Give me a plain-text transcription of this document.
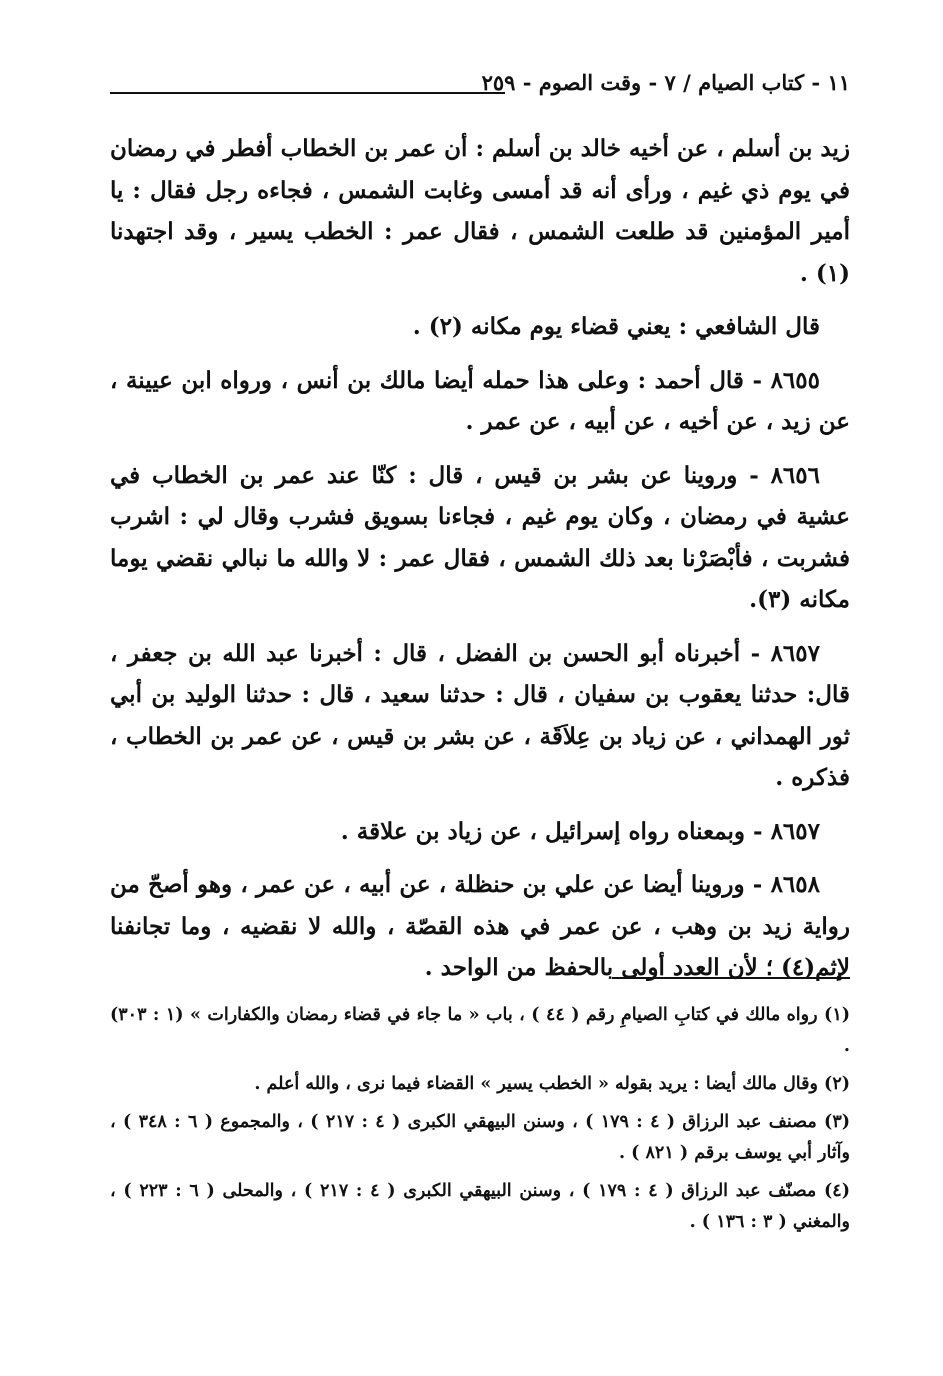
١١ - كتاب الصيام / ٧ - وقت الصوم - ٢٥٩

زيد بن أسلم ، عن أخيه خالد بن أسلم : أن عمر بن الخطاب أفطر في رمضان في يوم ذي غيم ، ورأى أنه قد أمسى وغابت الشمس ، فجاءه رجل فقال : يا أمير المؤمنين قد طلعت الشمس ، فقال عمر : الخطب يسير ، وقد اجتهدنا (١) .

قال الشافعي : يعني قضاء يوم مكانه (٢) .

٨٦٥٥ - قال أحمد : وعلى هذا حمله أيضا مالك بن أنس ، ورواه ابن عيينة ، عن زيد ، عن أخيه ، عن أبيه ، عن عمر .

٨٦٥٦ - وروينا عن بشر بن قيس ، قال : كنّا عند عمر بن الخطاب في عشية في رمضان ، وكان يوم غيم ، فجاءنا بسويق فشرب وقال لي : اشرب فشربت ، فأبْصَرْنا بعد ذلك الشمس ، فقال عمر : لا والله ما نبالي نقضي يوما مكانه (٣).

٨٦٥٧ - أخبرناه أبو الحسن بن الفضل ، قال : أخبرنا عبد الله بن جعفر ، قال: حدثنا يعقوب بن سفيان ، قال : حدثنا سعيد ، قال : حدثنا الوليد بن أبي ثور الهمداني ، عن زياد بن عِلاَقَة ، عن بشر بن قيس ، عن عمر بن الخطاب ، فذكره .

٨٦٥٧ - وبمعناه رواه إسرائيل ، عن زياد بن علاقة .

٨٦٥٨ - وروينا أيضا عن علي بن حنظلة ، عن أبيه ، عن عمر ، وهو أصحّ من رواية زيد بن وهب ، عن عمر في هذه القصّة ، والله لا نقضيه ، وما تجانفنا لإثم(٤) ؛ لأن العدد أولى بالحفظ من الواحد .

(١) رواه مالك في كتابِ الصيامِ رقم ( ٤٤ ) ، باب « ما جاء في قضاء رمضان والكفارات » (١ : ٣٠٣) .

(٢) وقال مالك أيضا : يريد بقوله « الخطب يسير » القضاء فيما نرى ، والله أعلم .

(٣) مصنف عبد الرزاق ( ٤ : ١٧٩ ) ، وسنن البيهقي الكبرى ( ٤ : ٢١٧ ) ، والمجموع ( ٦ : ٣٤٨ ) ، وآثار أبي يوسف برقم ( ٨٢١ ) .

(٤) مصنّف عبد الرزاق ( ٤ : ١٧٩ ) ، وسنن البيهقي الكبرى ( ٤ : ٢١٧ ) ، والمحلى ( ٦ : ٢٢٣ ) ، والمغني ( ٣ : ١٣٦ ) .
